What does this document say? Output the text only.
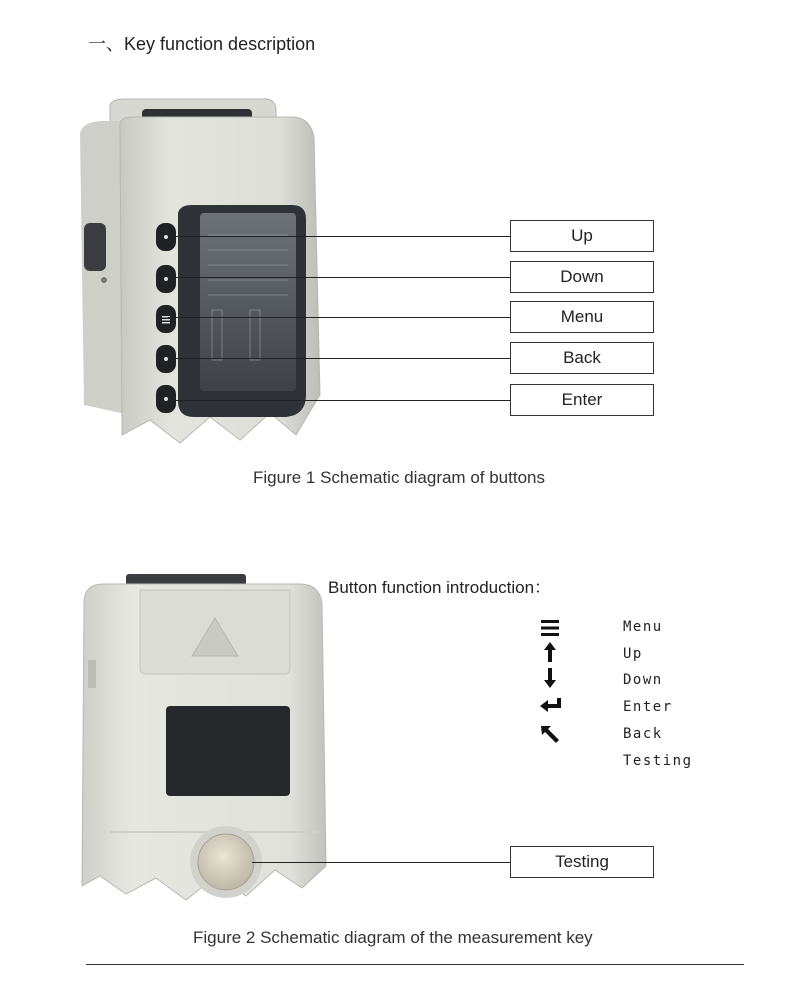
一、Key function description
Up
Down
Menu
Back
Enter
Figure 1 Schematic diagram of buttons
Testing
Figure 2 Schematic diagram of the measurement key
Button function introduction：
Menu
Up
Down
Enter
Back
Testing
